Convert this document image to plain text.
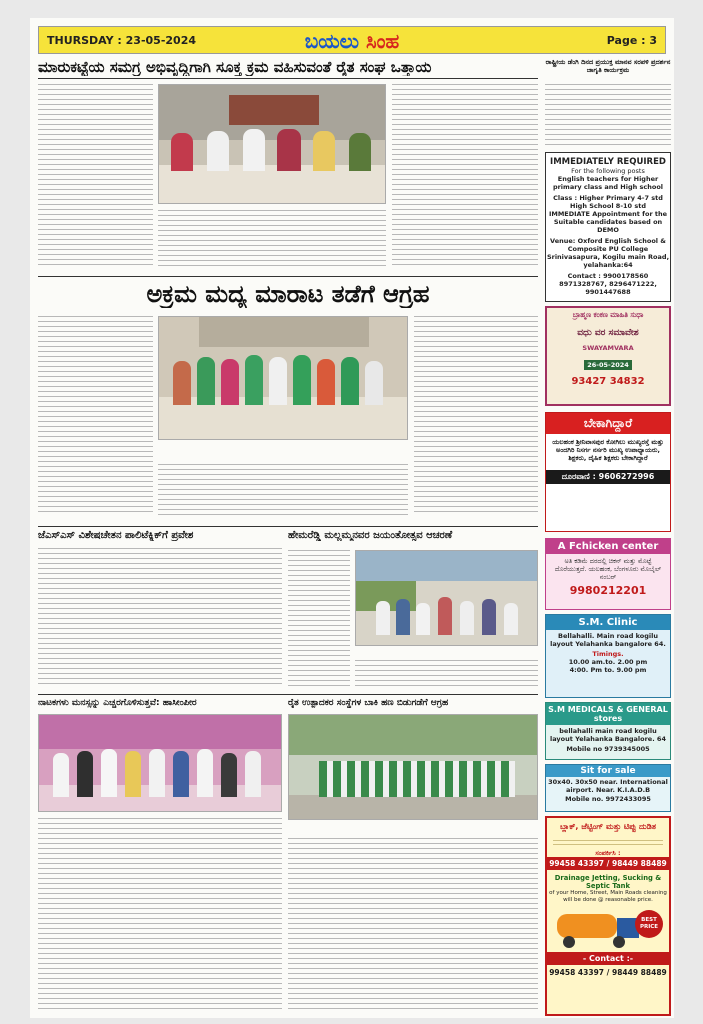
THURSDAY : 23-05-2024	ಬಯಲು ಸಿಂಹ	Page : 3
ಮಾರುಕಟ್ಟೆಯ ಸಮಗ್ರ ಅಭಿವೃದ್ಧಿಗಾಗಿ ಸೂಕ್ತ ಕ್ರಮ ವಹಿಸುವಂತೆ ರೈತ ಸಂಘ ಒತ್ತಾಯ
ಅಕ್ರಮ ಮದ್ಯ ಮಾರಾಟ ತಡೆಗೆ ಆಗ್ರಹ
ಜೆಎಸ್‌ಎಸ್ ವಿಶೇಷಚೇತನ ಪಾಲಿಟೆಕ್ನಿಕ್‌ಗೆ ಪ್ರವೇಶ	ಹೇಮರೆಡ್ಡಿ ಮಲ್ಲಮ್ಮನವರ ಜಯಂತೋತ್ಸವ ಆಚರಣೆ
ನಾಟಕಗಳು ಮನಸ್ಸನ್ನು ಎಚ್ಚರಗೊಳಿಸುತ್ತವೆ: ಹಾಸೀಂಪೀರ	ರೈತ ಉತ್ಪಾದಕರ ಸಂಸ್ಥೆಗಳ ಬಾಕಿ ಹಣ ಬಿಡುಗಡೆಗೆ ಆಗ್ರಹ
ರಾಷ್ಟ್ರೀಯ ಡೆಂಗಿ ದಿನದ ಪ್ರಯುಕ್ತ ಮಾನವ ಸರಪಳಿ ಪ್ರದರ್ಶನ ಜಾಗೃತಿ ಕಾರ್ಯಕ್ರಮ
IMMEDIATELY REQUIRED
For the following posts
English teachers for Higher primary class and High school
Class : Higher Primary 4-7 std
High School 8-10 std
IMMEDIATE Appointment for the Suitable candidates based on DEMO
Venue: Oxford English School & Composite PU College
Srinivasapura, Kogilu main Road,
yelahanka:64
Contact : 9900178560
8971328767, 8296471222,
9901447688
ಬ್ರಾಹ್ಮಣ ಕಂಕಣ ಮಾಹಿತಿ ಸುಧಾ
ವಧು ವರ ಸಮಾವೇಶ
SWAYAMVARA
26-05-2024
93427 34832
ಬೇಕಾಗಿದ್ದಾರೆ
ಯಲಹಂಕ ಶ್ರೀನಿವಾಸಪುರ ಕೋಗಿಲು ಮುಖ್ಯರಸ್ತೆ ಮತ್ತು ಅಂದಗಿರಿ ನಿಸರ್ಗ ನರ್ಸರಿ ಮುಖ್ಯ ಉಪಾಧ್ಯಾಯರು, ಶಿಕ್ಷಕರು, ದೈಹಿಕ ಶಿಕ್ಷಕರು ಬೇಕಾಗಿದ್ದಾರೆ
ದೂರವಾಣಿ : 9606272996
A Fchicken center
ಅತಿ ಕಡಿಮೆ ದರದಲ್ಲಿ ಚಿಕನ್ ಮತ್ತು ಮೊಟ್ಟೆ ದೊರೆಯುತ್ತದೆ. ಯಲಹಂಕ, ಬೆಂಗಳೂರು ಮೊಬೈಲ್ ನಂಬರ್
9980212201
S.M. Clinic
Bellahalli. Main road kogilu layout Yelahanka bangalore 64.
Timings.
10.00 am.to. 2.00 pm
4:00. Pm to. 9.00 pm
S.M MEDICALS & GENERAL stores
bellahalli main road kogilu layout Yelahanka Bangalore. 64
Mobile no 9739345005
Sit for sale
30x40. 30x50 near. International airport. Near. K.I.A.D.B
Mobile no. 9972433095
ಬ್ಲಾಕ್, ಜೆಟ್ಟಿಂಗ್ ಮತ್ತು ಟಿಪ್ಪು ದುಡಿತ
ಸಂಪರ್ಕಿಸಿ :
99458 43397 / 98449 88489
Drainage Jetting, Sucking & Septic Tank
of your Home, Street, Main Roads cleaning will be done @ reasonable price.
BEST PRICE
- Contact :-
99458 43397 / 98449 88489
